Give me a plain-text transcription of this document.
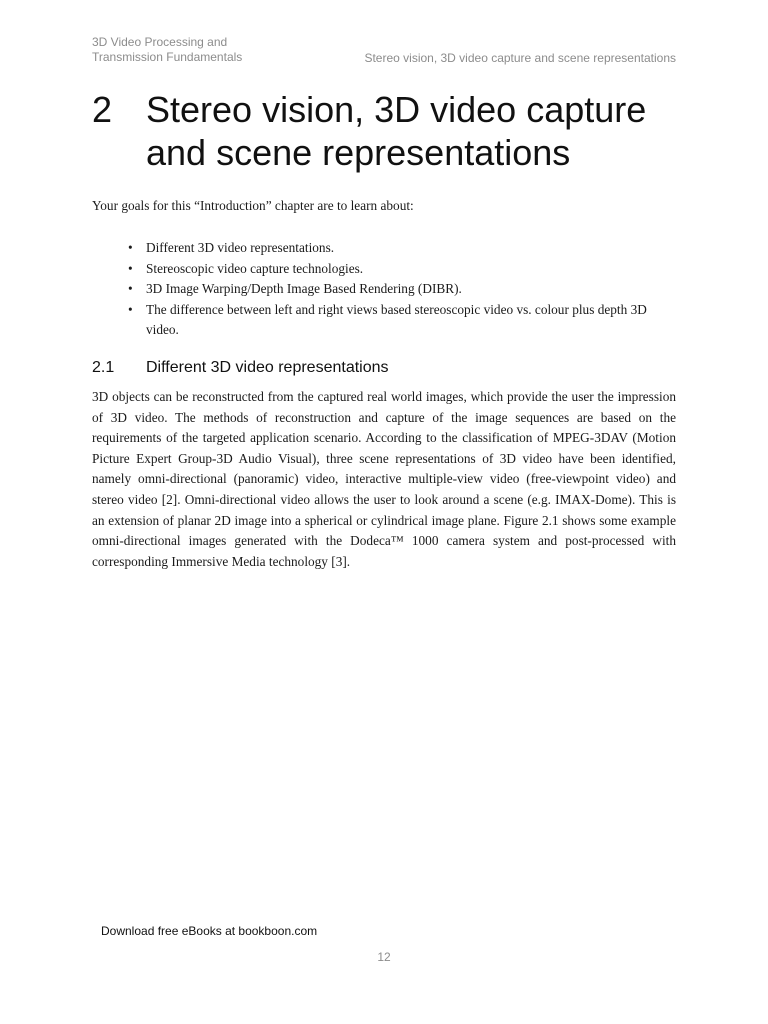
3D Video Processing and
Transmission Fundamentals	Stereo vision, 3D video capture and scene representations
2 Stereo vision, 3D video capture and scene representations
Your goals for this “Introduction” chapter are to learn about:
• Different 3D video representations.
• Stereoscopic video capture technologies.
• 3D Image Warping/Depth Image Based Rendering (DIBR).
• The difference between left and right views based stereoscopic video vs. colour plus depth 3D video.
2.1 Different 3D video representations

3D objects can be reconstructed from the captured real world images, which provide the user the impression of 3D video. The methods of reconstruction and capture of the image sequences are based on the requirements of the targeted application scenario. According to the classification of MPEG-3DAV (Motion Picture Expert Group-3D Audio Visual), three scene representations of 3D video have been identified, namely omni-directional (panoramic) video, interactive multiple-view video (free-viewpoint video) and stereo video [2]. Omni-directional video allows the user to look around a scene (e.g. IMAX-Dome). This is an extension of planar 2D image into a spherical or cylindrical image plane. Figure 2.1 shows some example omni-directional images generated with the Dodeca™ 1000 camera system and post-processed with corresponding Immersive Media technology [3].

Download free eBooks at bookboon.com
12
